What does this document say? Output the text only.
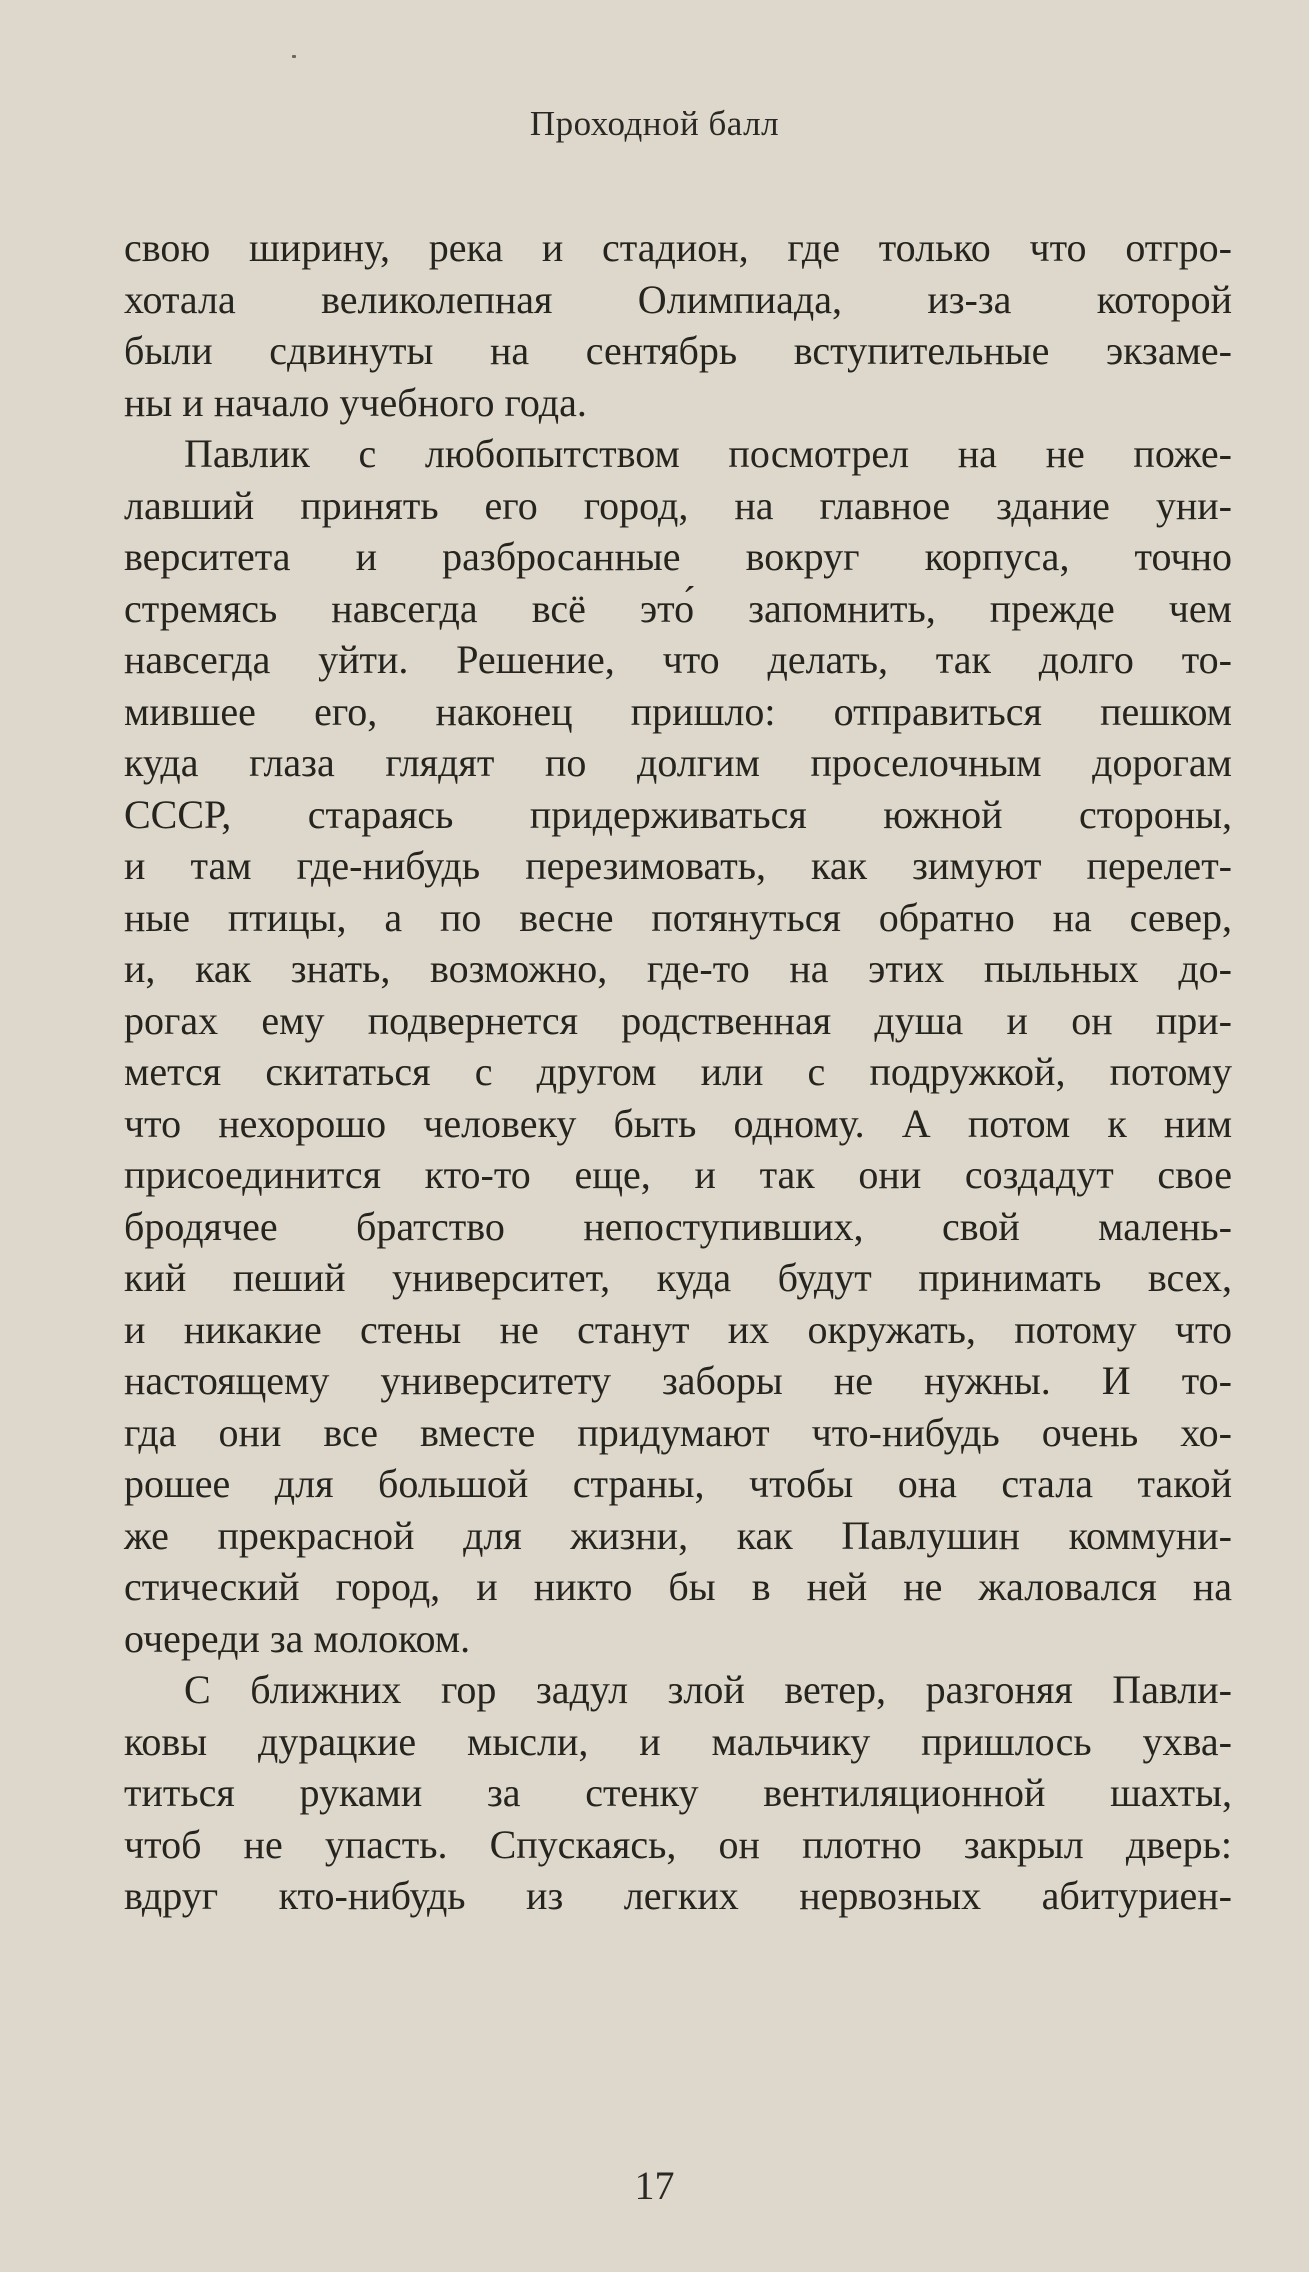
Проходной балл
свою ширину, река и стадион, где только что отгро-
хотала великолепная Олимпиада, из-за которой
были сдвинуты на сентябрь вступительные экзаме-
ны и начало учебного года.
Павлик с любопытством посмотрел на не поже-
лавший принять его город, на главное здание уни-
верситета и разбросанные вокруг корпуса, точно
стремясь навсегда всё это́ запомнить, прежде чем
навсегда уйти. Решение, что делать, так долго то-
мившее его, наконец пришло: отправиться пешком
куда глаза глядят по долгим проселочным дорогам
СССР, стараясь придерживаться южной стороны,
и там где-нибудь перезимовать, как зимуют перелет-
ные птицы, а по весне потянуться обратно на север,
и, как знать, возможно, где-то на этих пыльных до-
рогах ему подвернется родственная душа и он при-
мется скитаться с другом или с подружкой, потому
что нехорошо человеку быть одному. А потом к ним
присоединится кто-то еще, и так они создадут свое
бродячее братство непоступивших, свой малень-
кий пеший университет, куда будут принимать всех,
и никакие стены не станут их окружать, потому что
настоящему университету заборы не нужны. И то-
гда они все вместе придумают что-нибудь очень хо-
рошее для большой страны, чтобы она стала такой
же прекрасной для жизни, как Павлушин коммуни-
стический город, и никто бы в ней не жаловался на
очереди за молоком.
С ближних гор задул злой ветер, разгоняя Павли-
ковы дурацкие мысли, и мальчику пришлось ухва-
титься руками за стенку вентиляционной шахты,
чтоб не упасть. Спускаясь, он плотно закрыл дверь:
вдруг кто-нибудь из легких нервозных абитуриен-
17
